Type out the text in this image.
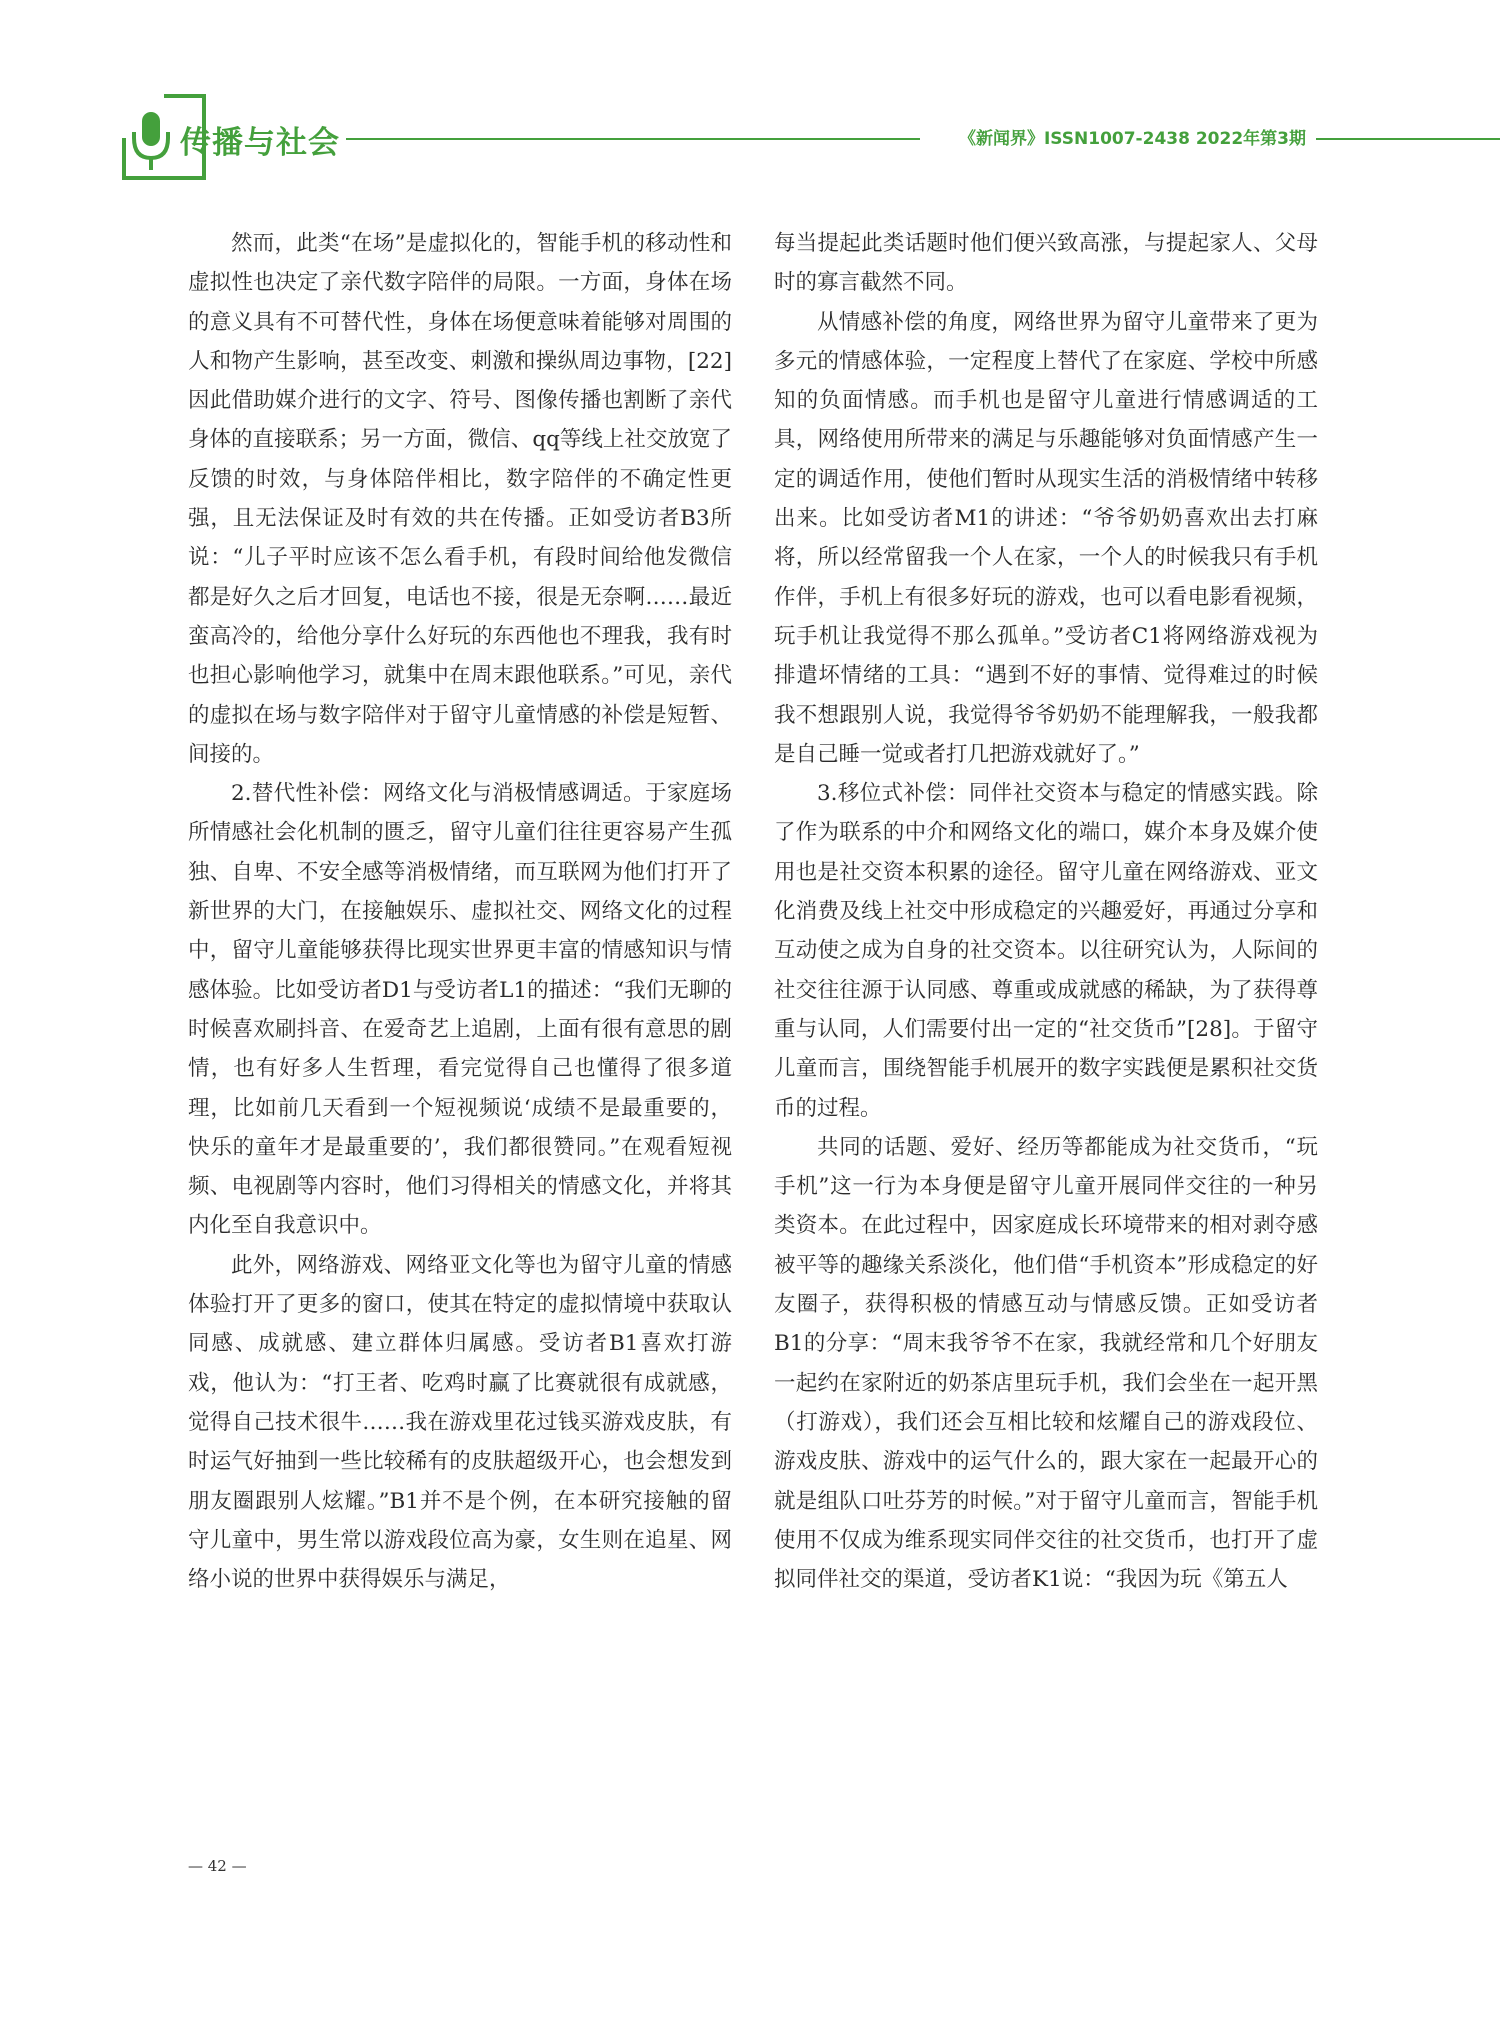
传播与社会	《新闻界》ISSN1007-2438 2022年第3期

然而，此类“在场”是虚拟化的，智能手机的移动性和虚拟性也决定了亲代数字陪伴的局限。一方面，身体在场的意义具有不可替代性，身体在场便意味着能够对周围的人和物产生影响，甚至改变、刺激和操纵周边事物，[22]因此借助媒介进行的文字、符号、图像传播也割断了亲代身体的直接联系；另一方面，微信、qq等线上社交放宽了反馈的时效，与身体陪伴相比，数字陪伴的不确定性更强，且无法保证及时有效的共在传播。正如受访者B3所说：“儿子平时应该不怎么看手机，有段时间给他发微信都是好久之后才回复，电话也不接，很是无奈啊……最近蛮高冷的，给他分享什么好玩的东西他也不理我，我有时也担心影响他学习，就集中在周末跟他联系。”可见，亲代的虚拟在场与数字陪伴对于留守儿童情感的补偿是短暂、间接的。

2.替代性补偿：网络文化与消极情感调适。于家庭场所情感社会化机制的匮乏，留守儿童们往往更容易产生孤独、自卑、不安全感等消极情绪，而互联网为他们打开了新世界的大门，在接触娱乐、虚拟社交、网络文化的过程中，留守儿童能够获得比现实世界更丰富的情感知识与情感体验。比如受访者D1与受访者L1的描述：“我们无聊的时候喜欢刷抖音、在爱奇艺上追剧，上面有很有意思的剧情，也有好多人生哲理，看完觉得自己也懂得了很多道理，比如前几天看到一个短视频说‘成绩不是最重要的，快乐的童年才是最重要的’，我们都很赞同。”在观看短视频、电视剧等内容时，他们习得相关的情感文化，并将其内化至自我意识中。

此外，网络游戏、网络亚文化等也为留守儿童的情感体验打开了更多的窗口，使其在特定的虚拟情境中获取认同感、成就感、建立群体归属感。受访者B1喜欢打游戏，他认为：“打王者、吃鸡时赢了比赛就很有成就感，觉得自己技术很牛……我在游戏里花过钱买游戏皮肤，有时运气好抽到一些比较稀有的皮肤超级开心，也会想发到朋友圈跟别人炫耀。”B1并不是个例，在本研究接触的留守儿童中，男生常以游戏段位高为豪，女生则在追星、网络小说的世界中获得娱乐与满足，

每当提起此类话题时他们便兴致高涨，与提起家人、父母时的寡言截然不同。

从情感补偿的角度，网络世界为留守儿童带来了更为多元的情感体验，一定程度上替代了在家庭、学校中所感知的负面情感。而手机也是留守儿童进行情感调适的工具，网络使用所带来的满足与乐趣能够对负面情感产生一定的调适作用，使他们暂时从现实生活的消极情绪中转移出来。比如受访者M1的讲述：“爷爷奶奶喜欢出去打麻将，所以经常留我一个人在家，一个人的时候我只有手机作伴，手机上有很多好玩的游戏，也可以看电影看视频，玩手机让我觉得不那么孤单。”受访者C1将网络游戏视为排遣坏情绪的工具：“遇到不好的事情、觉得难过的时候我不想跟别人说，我觉得爷爷奶奶不能理解我，一般我都是自己睡一觉或者打几把游戏就好了。”

3.移位式补偿：同伴社交资本与稳定的情感实践。除了作为联系的中介和网络文化的端口，媒介本身及媒介使用也是社交资本积累的途径。留守儿童在网络游戏、亚文化消费及线上社交中形成稳定的兴趣爱好，再通过分享和互动使之成为自身的社交资本。以往研究认为，人际间的社交往往源于认同感、尊重或成就感的稀缺，为了获得尊重与认同，人们需要付出一定的“社交货币”[28]。于留守儿童而言，围绕智能手机展开的数字实践便是累积社交货币的过程。

共同的话题、爱好、经历等都能成为社交货币，“玩手机”这一行为本身便是留守儿童开展同伴交往的一种另类资本。在此过程中，因家庭成长环境带来的相对剥夺感被平等的趣缘关系淡化，他们借“手机资本”形成稳定的好友圈子，获得积极的情感互动与情感反馈。正如受访者B1的分享：“周末我爷爷不在家，我就经常和几个好朋友一起约在家附近的奶茶店里玩手机，我们会坐在一起开黑（打游戏），我们还会互相比较和炫耀自己的游戏段位、游戏皮肤、游戏中的运气什么的，跟大家在一起最开心的就是组队口吐芬芳的时候。”对于留守儿童而言，智能手机使用不仅成为维系现实同伴交往的社交货币，也打开了虚拟同伴社交的渠道，受访者K1说：“我因为玩《第五人

— 42 —
